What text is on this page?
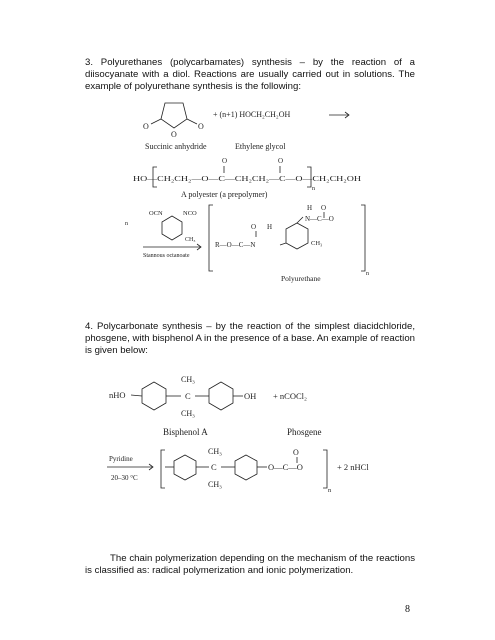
3. Polyurethanes (polycarbamates) synthesis – by the reaction of a diisocyanate with a diol. Reactions are usually carried out in solutions. The example of polyurethane synthesis is the following:

O
O
O
+ (n+1) HOCH₂CH₂OH
Succinic anhydride	Ethylene glycol
O	O
HO—CH₂CH₂—O—C—CH₂CH₂—C—O—CH₂CH₂OH
n
A polyester (a prepolymer)
n
OCN	NCO
CH₃
Stannous octanoate
O H
R—O—C—N
H O
N—C—O
CH₃
n
Polyurethane

4. Polycarbonate synthesis – by the reaction of the simplest diacidchloride, phosgene, with bisphenol A in the presence of a base. An example of reaction is given below:

nHO
CH₃
C
CH₃
OH + nCOCl₂
Bisphenol A	Phosgene
Pyridine
20–30 °C
CH₃
C
CH₃
O
O—C—O
n
+ 2 nHCl

The chain polymerization depending on the mechanism of the reactions is classified as: radical polymerization and ionic polymerization.

8
